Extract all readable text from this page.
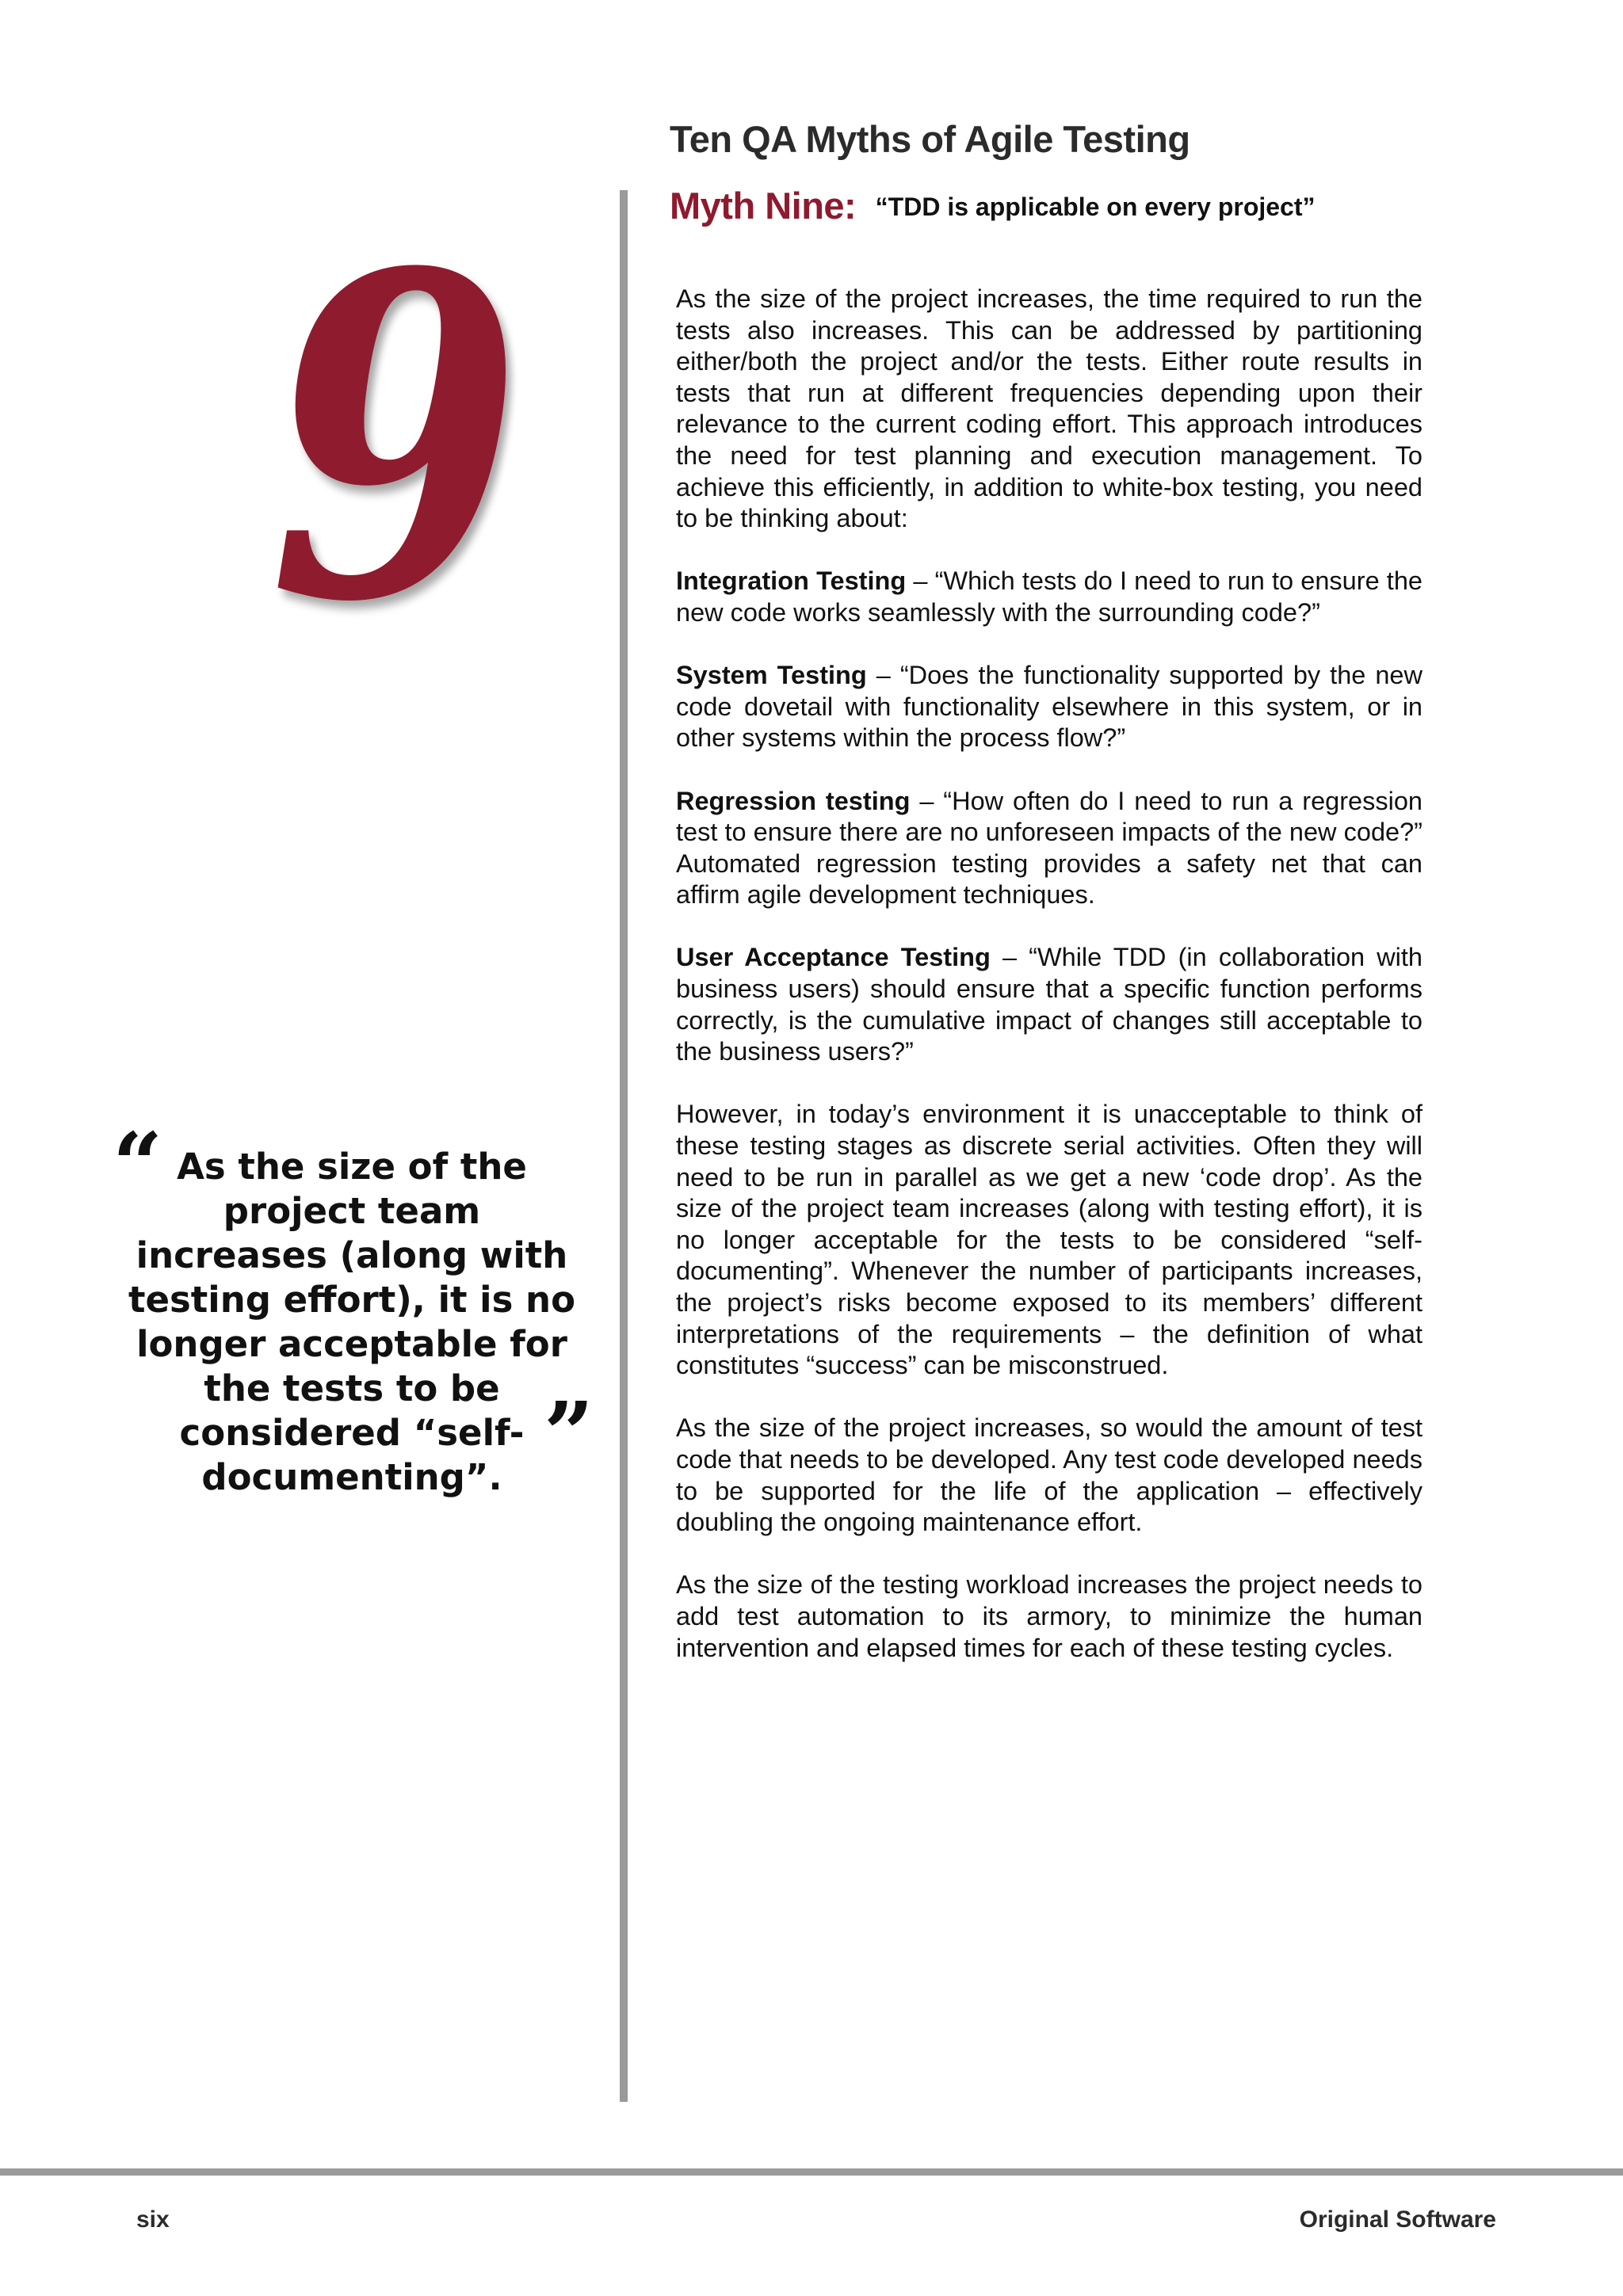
Ten QA Myths of Agile Testing
Myth Nine: “TDD is applicable on every project”
9	As the size of the project increases, the time required to run the tests also increases. This can be addressed by partitioning either/both the project and/or the tests. Either route results in tests that run at different frequencies depending upon their relevance to the current coding effort. This approach introduces the need for test planning and execution management. To achieve this efficiently, in addition to white-box testing, you need to be thinking about:

Integration Testing – “Which tests do I need to run to ensure the new code works seamlessly with the surrounding code?”

System Testing – “Does the functionality supported by the new code dovetail with functionality elsewhere in this system, or in other systems within the process flow?”

Regression testing – “How often do I need to run a regression test to ensure there are no unforeseen impacts of the new code?” Automated regression testing provides a safety net that can affirm agile development techniques.

User Acceptance Testing – “While TDD (in collaboration with business users) should ensure that a specific function performs correctly, is the cumulative impact of changes still acceptable to the business users?”

However, in today’s environment it is unacceptable to think of these testing stages as discrete serial activities. Often they will need to be run in parallel as we get a new ‘code drop’. As the size of the project team increases (along with testing effort), it is no longer acceptable for the tests to be considered “self-documenting”. Whenever the number of participants increases, the project’s risks become exposed to its members’ different interpretations of the requirements – the definition of what constitutes “success” can be misconstrued.

As the size of the project increases, so would the amount of test code that needs to be developed. Any test code developed needs to be supported for the life of the application – effectively doubling the ongoing maintenance effort.

As the size of the testing workload increases the project needs to add test automation to its armory, to minimize the human intervention and elapsed times for each of these testing cycles.

“ As the size of the project team increases (along with testing effort), it is no longer acceptable for the tests to be considered “self-documenting”. ”
six	Original Software
